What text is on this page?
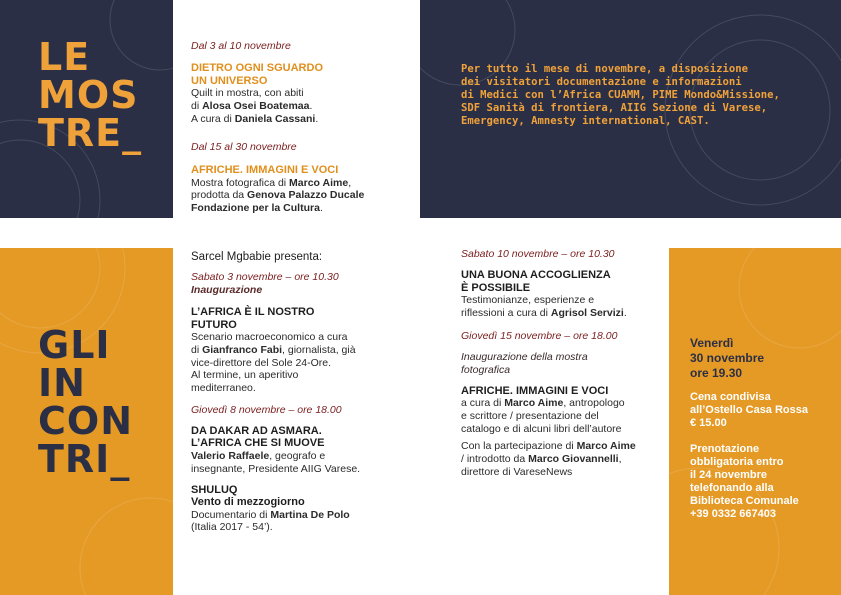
LE
MOS
TRE_
Per tutto il mese di novembre, a disposizione
dei visitatori documentazione e informazioni
di Medici con l’Africa CUAMM, PIME Mondo&Missione,
SDF Sanità di frontiera, AIIG Sezione di Varese,
Emergency, Amnesty international, CAST.
Dal 3 al 10 novembre
DIETRO OGNI SGUARDO
UN UNIVERSO
Quilt in mostra, con abiti
di Alosa Osei Boatemaa.
A cura di Daniela Cassani.
Dal 15 al 30 novembre
AFRICHE. IMMAGINI E VOCI
Mostra fotografica di Marco Aime,
prodotta da Genova Palazzo Ducale
Fondazione per la Cultura.
GLI
IN
CON
TRI_
Venerdì
30 novembre
ore 19.30
Cena condivisa
all’Ostello Casa Rossa
€ 15.00
Prenotazione
obbligatoria entro
il 24 novembre
telefonando alla
Biblioteca Comunale
+39 0332 667403
Sarcel Mgbabie presenta:
Sabato 3 novembre – ore 10.30
Inaugurazione
L’AFRICA È IL NOSTRO
FUTURO
Scenario macroeconomico a cura
di Gianfranco Fabi, giornalista, già
vice-direttore del Sole 24-Ore.
Al termine, un aperitivo
mediterraneo.
Giovedì 8 novembre – ore 18.00
DA DAKAR AD ASMARA.
L’AFRICA CHE SI MUOVE
Valerio Raffaele, geografo e
insegnante, Presidente AIIG Varese.
SHULUQ
Vento di mezzogiorno
Documentario di Martina De Polo
(Italia 2017 - 54’).
Sabato 10 novembre – ore 10.30
UNA BUONA ACCOGLIENZA
È POSSIBILE
Testimonianze, esperienze e
riflessioni a cura di Agrisol Servizi.
Giovedì 15 novembre – ore 18.00
Inaugurazione della mostra
fotografica
AFRICHE. IMMAGINI E VOCI
a cura di Marco Aime, antropologo
e scrittore / presentazione del
catalogo e di alcuni libri dell’autore
Con la partecipazione di Marco Aime
/ introdotto da Marco Giovannelli,
direttore di VareseNews
